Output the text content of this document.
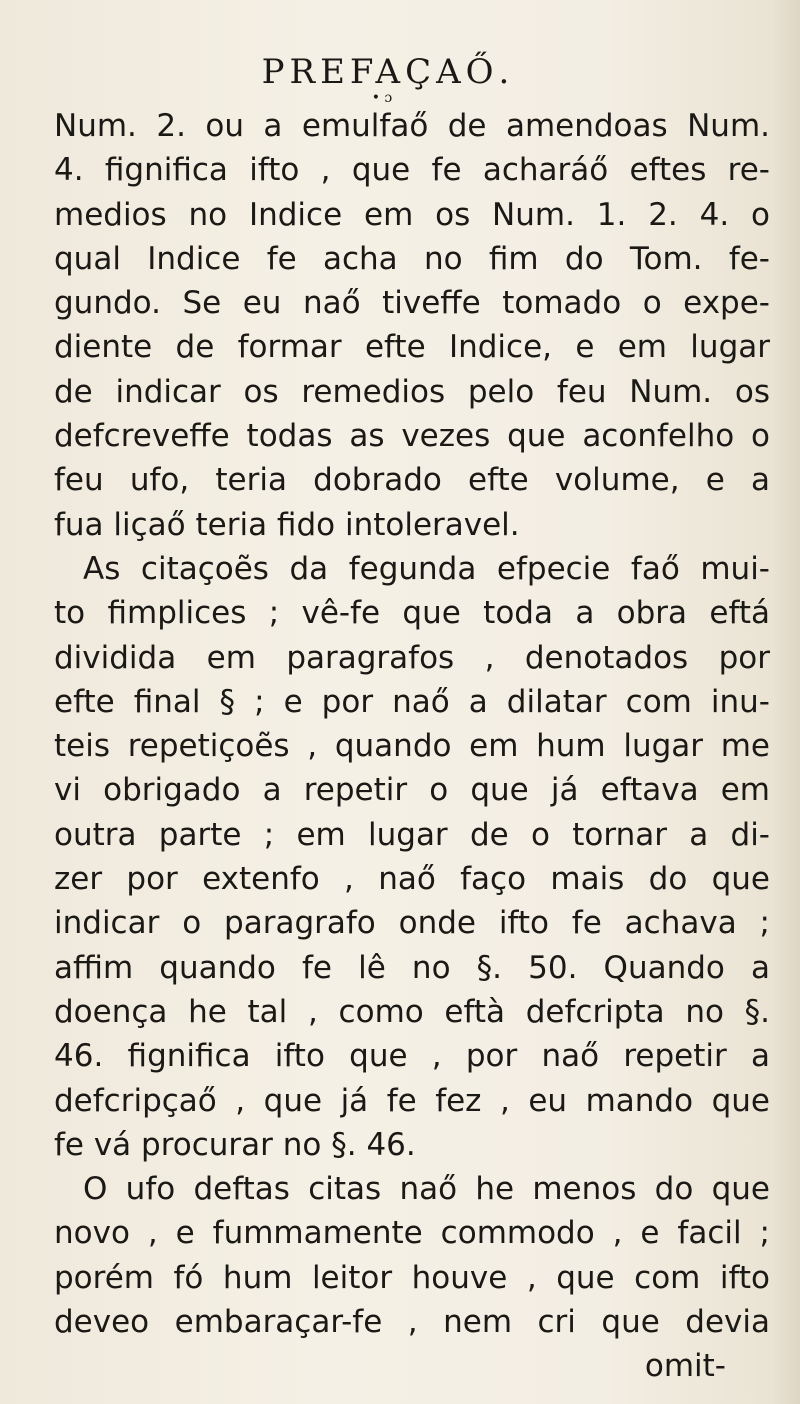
PREFAÇAŐ.
• ɔ
Num. 2. ou a emulfaő de amendoas Num.
4. fignifica ifto , que fe acharáő eftes re-
medios no Indice em os Num. 1. 2. 4. o
qual Indice fe acha no fim do Tom. fe-
gundo. Se eu naő tiveffe tomado o expe-
diente de formar efte Indice, e em lugar
de indicar os remedios pelo feu Num. os
defcreveffe todas as vezes que aconfelho o
feu ufo, teria dobrado efte volume, e a
fua liçaő teria fido intoleravel.
As citaçoẽs da fegunda efpecie faő mui-
to fimplices ; vê-fe que toda a obra eftá
dividida em paragrafos , denotados por
efte final § ; e por naő a dilatar com inu-
teis repetiçoẽs , quando em hum lugar me
vi obrigado a repetir o que já eftava em
outra parte ; em lugar de o tornar a di-
zer por extenfo , naő faço mais do que
indicar o paragrafo onde ifto fe achava ;
affim quando fe lê no §. 50. Quando a
doença he tal , como eftà defcripta no §.
46. fignifica ifto que , por naő repetir a
defcripçaő , que já fe fez , eu mando que
fe vá procurar no §. 46.
O ufo deftas citas naő he menos do que
novo , e fummamente commodo , e facil ;
porém fó hum leitor houve , que com ifto
deveo embaraçar-fe , nem cri que devia
omit-
